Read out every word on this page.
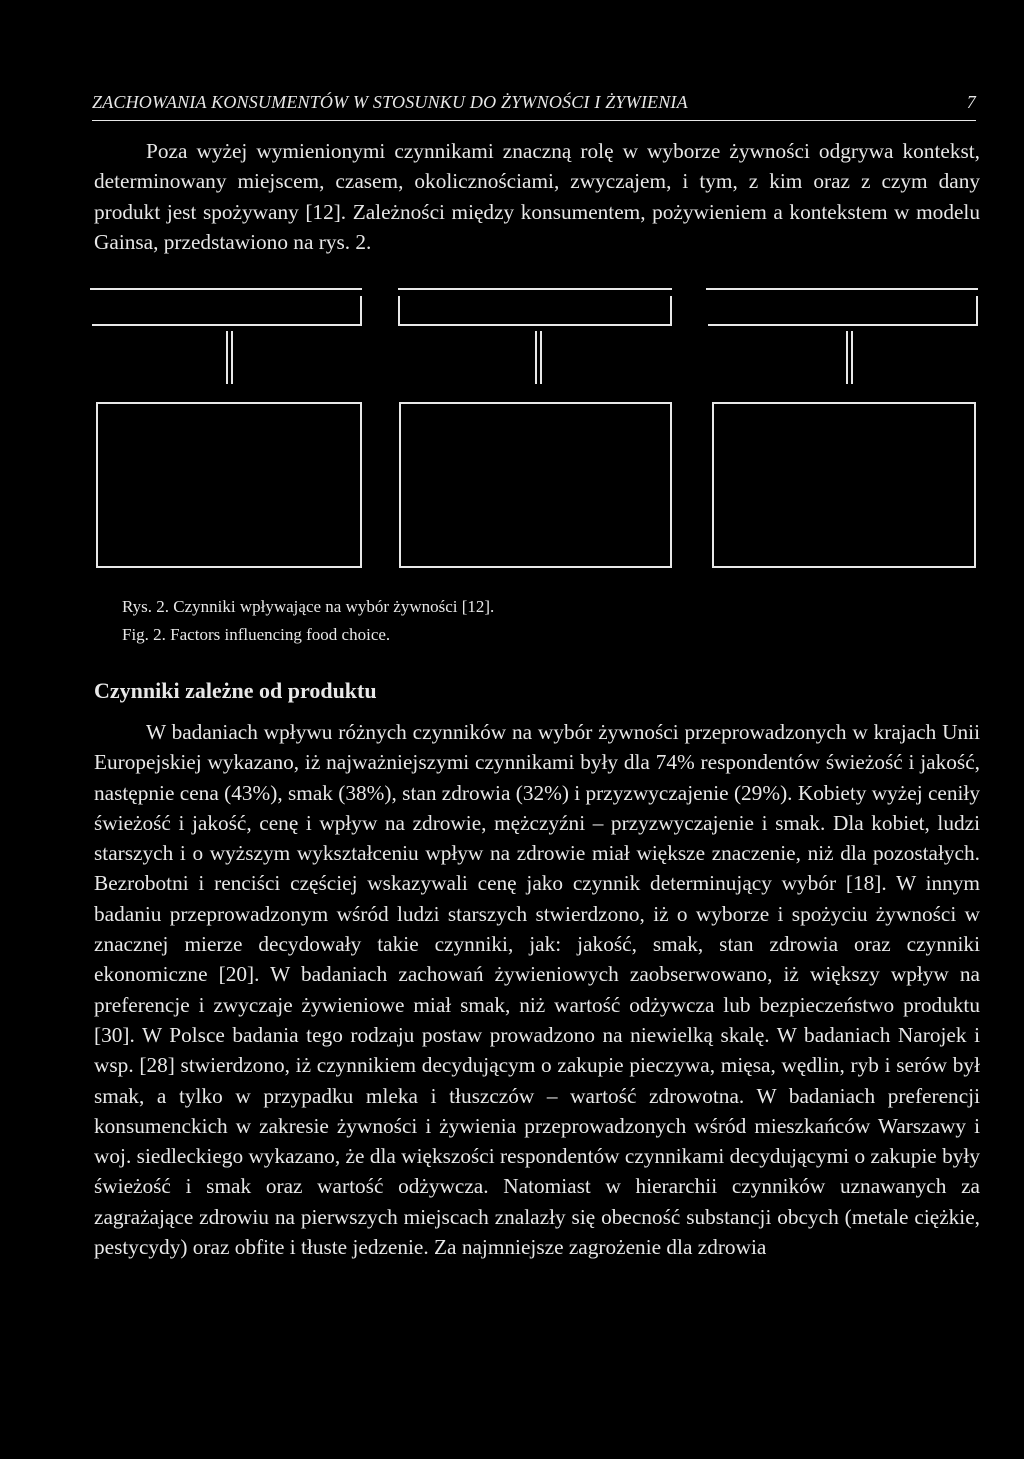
ZACHOWANIA KONSUMENTÓW W STOSUNKU DO ŻYWNOŚCI I ŻYWIENIA	7

Poza wyżej wymienionymi czynnikami znaczną rolę w wyborze żywności odgrywa kontekst, determinowany miejscem, czasem, okolicznościami, zwyczajem, i tym, z kim oraz z czym dany produkt jest spożywany [12]. Zależności między konsumentem, pożywieniem a kontekstem w modelu Gainsa, przedstawiono na rys. 2.

Rys. 2. Czynniki wpływające na wybór żywności [12].
Fig. 2. Factors influencing food choice.
Czynniki zależne od produktu

W badaniach wpływu różnych czynników na wybór żywności przeprowadzonych w krajach Unii Europejskiej wykazano, iż najważniejszymi czynnikami były dla 74% respondentów świeżość i jakość, następnie cena (43%), smak (38%), stan zdrowia (32%) i przyzwyczajenie (29%). Kobiety wyżej ceniły świeżość i jakość, cenę i wpływ na zdrowie, mężczyźni – przyzwyczajenie i smak. Dla kobiet, ludzi starszych i o wyższym wykształceniu wpływ na zdrowie miał większe znaczenie, niż dla pozostałych. Bezrobotni i renciści częściej wskazywali cenę jako czynnik determinujący wybór [18]. W innym badaniu przeprowadzonym wśród ludzi starszych stwierdzono, iż o wyborze i spożyciu żywności w znacznej mierze decydowały takie czynniki, jak: jakość, smak, stan zdrowia oraz czynniki ekonomiczne [20]. W badaniach zachowań żywieniowych zaobserwowano, iż większy wpływ na preferencje i zwyczaje żywieniowe miał smak, niż wartość odżywcza lub bezpieczeństwo produktu [30]. W Polsce badania tego rodzaju postaw prowadzono na niewielką skalę. W badaniach Narojek i wsp. [28] stwierdzono, iż czynnikiem decydującym o zakupie pieczywa, mięsa, wędlin, ryb i serów był smak, a tylko w przypadku mleka i tłuszczów – wartość zdrowotna. W badaniach preferencji konsumenckich w zakresie żywności i żywienia przeprowadzonych wśród mieszkańców Warszawy i woj. siedleckiego wykazano, że dla większości respondentów czynnikami decydującymi o zakupie były świeżość i smak oraz wartość odżywcza. Natomiast w hierarchii czynników uznawanych za zagrażające zdrowiu na pierwszych miejscach znalazły się obecność substancji obcych (metale ciężkie, pestycydy) oraz obfite i tłuste jedzenie. Za najmniejsze zagrożenie dla zdrowia
